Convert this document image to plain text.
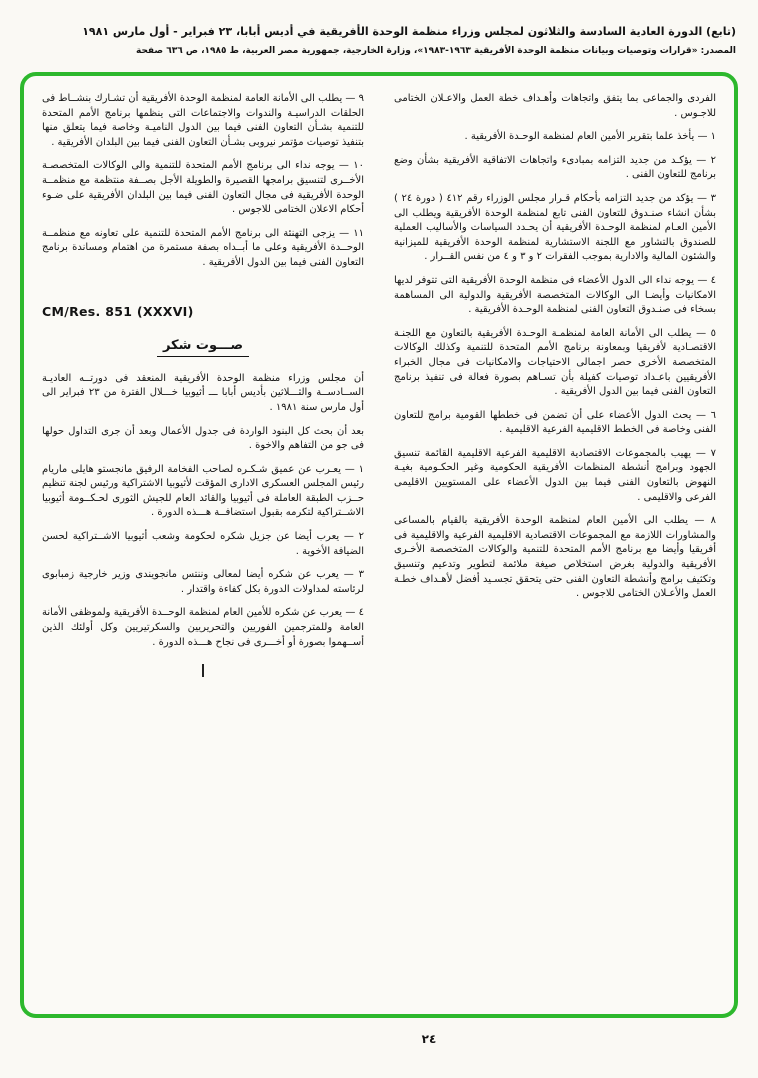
(تابع) الدورة العادية السادسة والثلاثون لمجلس وزراء منظمة الوحدة الأفريقية في أديس أبابا، ٢٣ فبراير - أول مارس ١٩٨١
المصدر: «قرارات وتوصيات وبيانات منظمة الوحدة الأفريقية ١٩٦٣-١٩٨٣»، وزارة الخارجية، جمهورية مصر العربية، ط ١٩٨٥، ص ٦٣٦ صفحة

الفردى والجماعى بما يتفق واتجاهات وأهـداف خطة العمل والاعـلان الختامى للاجـوس .

١ — يأخذ علما بتقرير الأمين العام لمنظمة الوحـدة الأفريقية .

٢ — يؤكـد من جديد التزامه بمبادىء واتجاهات الاتفاقية الأفريقية بشأن وضع برنامج للتعاون الفنى .

٣ — يؤكد من جديد التزامه بأحكام قـرار مجلس الوزراء رقم ٤١٢ ( دورة ٢٤ ) بشأن انشاء صنـدوق للتعاون الفنى تابع لمنظمة الوحدة الأفريقية ويطلب الى الأمين العـام لمنظمة الوحـدة الأفريقية أن يحـدد السياسات والأساليب العملية للصندوق بالتشاور مع اللجنة الاستشارية لمنظمة الوحدة الأفريقية للميزانية والشئون المالية والادارية بموجب الفقرات ٢ و ٣ و ٤ من نفس القــرار .

٤ — يوجه نداء الى الدول الأعضاء فى منظمة الوحدة الأفريقية التى تتوفر لديها الامكانيات وأيضـا الى الوكالات المتخصصة الأفريقية والدولية الى المساهمة بسخاء فى صنـدوق التعاون الفنى لمنظمة الوحـدة الأفريقية .

٥ — يطلب الى الأمانة العامة لمنظمـة الوحـدة الأفريقية بالتعاون مع اللجنـة الاقتصـادية لأفريقيا وبمعاونة برنامج الأمم المتحدة للتنمية وكذلك الوكالات المتخصصة الأخرى حصر اجمالى الاحتياجات والامكانيات فى مجال الخبراء الأفريقيين باعـداد توصيات كفيلة بأن تسـاهم بصورة فعالة فى تنفيذ برنامج التعاون الفنى فيما بين الدول الأفريقية .

٦ — يحث الدول الأعضاء على أن تضمن فى خططها القومية برامج للتعاون الفنى وخاصة فى الخطط الاقليمية الفرعية الاقليمية .

٧ — يهيب بالمجموعات الاقتصادية الاقليمية الفرعية الاقليمية القائمة تنسيق الجهود وبرامج أنشطة المنظمات الأفريقية الحكومية وغير الحكـومية بغيـة النهوض بالتعاون الفنى فيما بين الدول الأعضاء على المستويين الاقليمى الفرعى والاقليمى .

٨ — يطلب الى الأمين العام لمنظمة الوحدة الأفريقية بالقيام بالمساعى والمشاورات اللازمة مع المجموعات الاقتصادية الاقليمية الفرعية والاقليمية فى أفريقيا وأيضا مع برنامج الأمم المتحدة للتنمية والوكالات المتخصصة الأخـرى الأفريقية والدولية بغرض استخلاص صيغة ملائمة لتطوير وتدعيم وتنسيق وتكثيف برامج وأنشطة التعاون الفنى حتى يتحقق تجسـيد أفضل لأهـداف خطـة العمل والأعـلان الختامى للاجوس .

٩ — يطلب الى الأمانة العامة لمنظمة الوحدة الأفريقية أن تشـارك بنشــاط فى الحلقات الدراسيـة والندوات والاجتماعات التى ينظمها برنامج الأمم المتحدة للتنمية بشـأن التعاون الفنى فيما بين الدول الناميـة وخاصة فيما يتعلق منها بتنفيذ توصيات مؤتمر نيروبى بشـأن التعاون الفنى فيما بين البلدان الأفريقية .

١٠ — يوجه نداء الى برنامج الأمم المتحدة للتنمية والى الوكالات المتخصصـة الأخــرى لتنسيق برامجها القصيرة والطويلة الأجل بصــفة منتظمة مع منظمــة الوحدة الأفريقية فى مجال التعاون الفنى فيما بين البلدان الأفريقية على ضـوء أحكام الاعلان الختامى للاجوس .

١١ — يزجى التهنئة الى برنامج الأمم المتحدة للتنمية على تعاونه مع منظمــة الوحــدة الأفريقية وعلى ما أبــداه بصفة مستمرة من اهتمام ومساندة برنامج التعاون الفنى فيما بين الدول الأفريقية .

CM/Res. 851 (XXXVI)
صـــوت شكر

أن مجلس وزراء منظمة الوحدة الأفريقية المنعقد فى دورتــه العاديـة الســادســة والثـــلاثين بأديس أبابا ـــ أثيوبيا خـــلال الفترة من ٢٣ فبراير الى أول مارس سنة ١٩٨١ .

بعد أن بحث كل البنود الواردة فى جدول الأعمال وبعد أن جرى التداول حولها فى جو من التفاهم والاخوة .

١ — يعـرب عن عميق شـكـره لصاحب الفخامة الرفيق مانجستو هايلى ماريام رئيس المجلس العسكرى الادارى المؤقت لأثيوبيا الاشتراكية ورئيس لجنة تنظيم حــزب الطبقة العاملة فى أثيوبيا والقائد العام للجيش الثورى لحـكــومة أثيوبيا الاشــتراكية لتكرمه بقبول استضافــة هـــذه الدورة .

٢ — يعرب أيضا عن جزيل شكره لحكومة وشعب أثيوبيا الاشــتراكية لحسن الضيافة الأخوية .

٣ — يعرب عن شكره أيضا لمعالى وننتس مانجويندى وزير خارجية زمبابوى لرئاسته لمداولات الدورة بكل كفاءة واقتدار .

٤ — يعرب عن شكره للأمين العام لمنظمة الوحــدة الأفريقية ولموظفى الأمانة العامة وللمترجمين الفوريين والتحريريين والسكرتيريين وكل أولئك الذين أســهموا بصورة أو أخـــرى فى نجاح هـــذه الدورة .

٢٤
